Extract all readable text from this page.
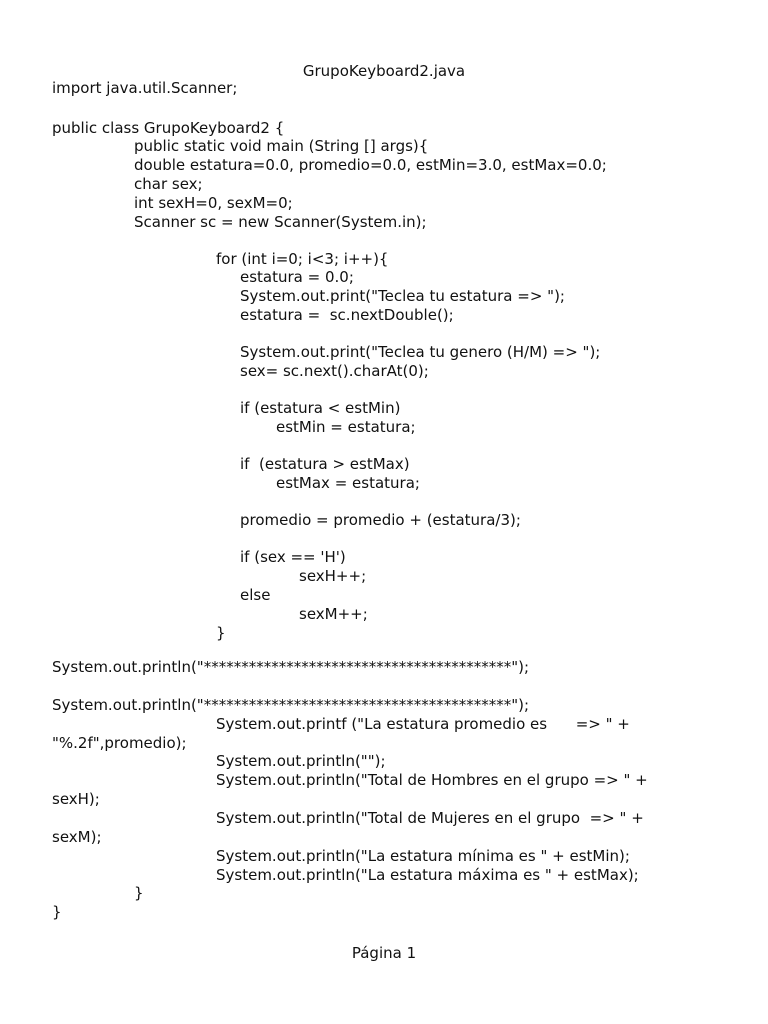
GrupoKeyboard2.java
import java.util.Scanner;
public class GrupoKeyboard2 {
public static void main (String [] args){
double estatura=0.0, promedio=0.0, estMin=3.0, estMax=0.0;
char sex;
int sexH=0, sexM=0;
Scanner sc = new Scanner(System.in);
for (int i=0; i<3; i++){
estatura = 0.0;
System.out.print("Teclea tu estatura => ");
estatura =  sc.nextDouble();
System.out.print("Teclea tu genero (H/M) => ");
sex= sc.next().charAt(0);
if (estatura < estMin)
estMin = estatura;
if  (estatura > estMax)
estMax = estatura;
promedio = promedio + (estatura/3);
if (sex == 'H')
sexH++;
else
sexM++;
}
System.out.println("*****************************************");
System.out.println("*****************************************");
System.out.printf ("La estatura promedio es      => " +
"%.2f",promedio);
System.out.println("");
System.out.println("Total de Hombres en el grupo => " +
sexH);
System.out.println("Total de Mujeres en el grupo  => " +
sexM);
System.out.println("La estatura mínima es " + estMin);
System.out.println("La estatura máxima es " + estMax);
}
}
Página 1
